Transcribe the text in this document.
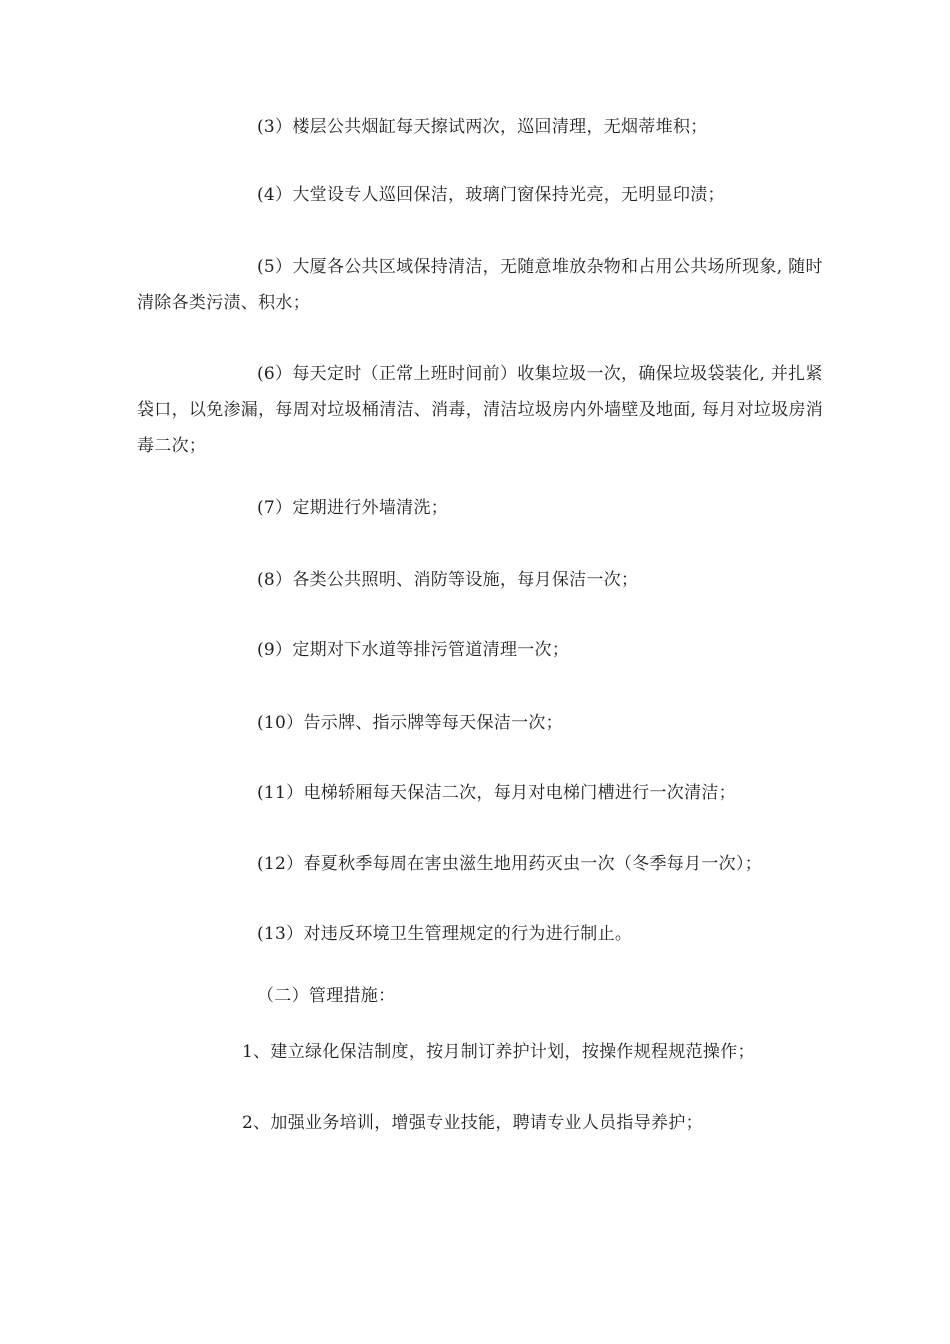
(3）楼层公共烟缸每天擦试两次，巡回清理，无烟蒂堆积；

(4）大堂设专人巡回保洁，玻璃门窗保持光亮，无明显印渍；

(5）大厦各公共区域保持清洁，无随意堆放杂物和占用公共场所现象, 随时清除各类污渍、积水；

(6）每天定时（正常上班时间前）收集垃圾一次，确保垃圾袋装化, 并扎紧袋口，以免渗漏，每周对垃圾桶清洁、消毒，清洁垃圾房内外墙壁及地面, 每月对垃圾房消毒二次；

(7）定期进行外墙清洗；

(8）各类公共照明、消防等设施，每月保洁一次；

(9）定期对下水道等排污管道清理一次；

(10）告示牌、指示牌等每天保洁一次；

(11）电梯轿厢每天保洁二次，每月对电梯门槽进行一次清洁；

(12）春夏秋季每周在害虫滋生地用药灭虫一次（冬季每月一次）；

(13）对违反环境卫生管理规定的行为进行制止。

（二）管理措施：

1、建立绿化保洁制度，按月制订养护计划，按操作规程规范操作；

2、加强业务培训，增强专业技能，聘请专业人员指导养护；
